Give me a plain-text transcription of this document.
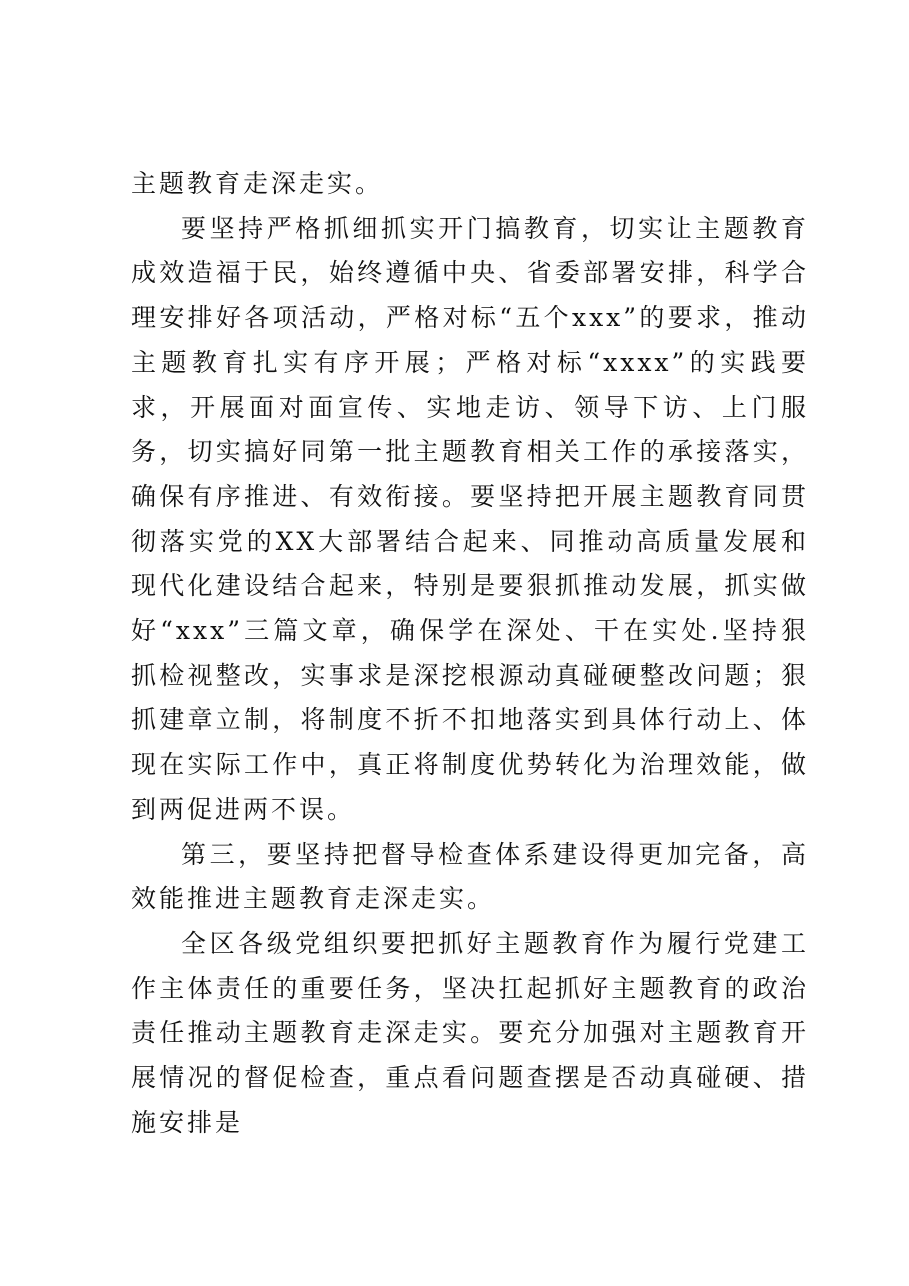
主题教育走深走实。

要坚持严格抓细抓实开门搞教育，切实让主题教育成效造福于民，始终遵循中央、省委部署安排，科学合理安排好各项活动，严格对标“五个xxx”的要求，推动主题教育扎实有序开展；严格对标“xxxx”的实践要求，开展面对面宣传、实地走访、领导下访、上门服务，切实搞好同第一批主题教育相关工作的承接落实，确保有序推进、有效衔接。要坚持把开展主题教育同贯彻落实党的XX大部署结合起来、同推动高质量发展和现代化建设结合起来，特别是要狠抓推动发展，抓实做好“xxx”三篇文章，确保学在深处、干在实处.坚持狠抓检视整改，实事求是深挖根源动真碰硬整改问题；狠抓建章立制，将制度不折不扣地落实到具体行动上、体现在实际工作中，真正将制度优势转化为治理效能，做到两促进两不误。

第三，要坚持把督导检查体系建设得更加完备，高效能推进主题教育走深走实。

全区各级党组织要把抓好主题教育作为履行党建工作主体责任的重要任务，坚决扛起抓好主题教育的政治责任推动主题教育走深走实。要充分加强对主题教育开展情况的督促检查，重点看问题查摆是否动真碰硬、措施安排是
